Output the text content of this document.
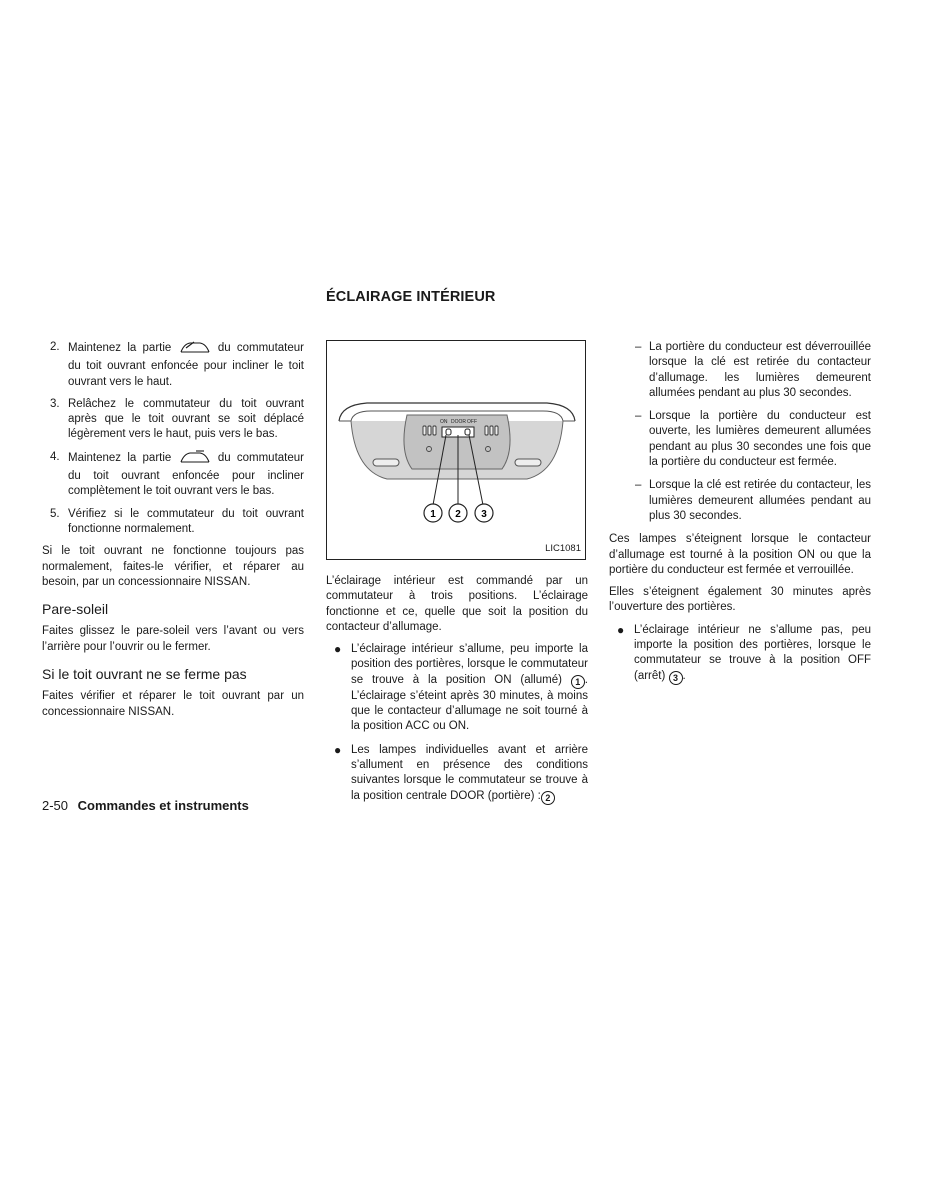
ÉCLAIRAGE INTÉRIEUR
2. Maintenez la partie	du commutateur du toit ouvrant enfoncée pour incliner le toit ouvrant vers le haut.
3. Relâchez le commutateur du toit ouvrant après que le toit ouvrant se soit déplacé légèrement vers le haut, puis vers le bas.
4. Maintenez la partie	du commutateur du toit ouvrant enfoncée pour incliner complètement le toit ouvrant vers le bas.
5. Vérifiez si le commutateur du toit ouvrant fonctionne normalement.

Si le toit ouvrant ne fonctionne toujours pas normalement, faites-le vérifier, et réparer au besoin, par un concessionnaire NISSAN.

Pare-soleil

Faites glissez le pare-soleil vers l’avant ou vers l’arrière pour l’ouvrir ou le fermer.

Si le toit ouvrant ne se ferme pas

Faites vérifier et réparer le toit ouvrant par un concessionnaire NISSAN.

ON DOOR OFF
1 2 3
LIC1081

L’éclairage intérieur est commandé par un commutateur à trois positions. L’éclairage fonctionne et ce, quelle que soit la position du contacteur d’allumage.

● L’éclairage intérieur s’allume, peu importe la position des portières, lorsque le commutateur se trouve à la position ON (allumé) 1 . L’éclairage s’éteint après 30 minutes, à moins que le contacteur d’allumage ne soit tourné à la position ACC ou ON.
● Les lampes individuelles avant et arrière s’allument en présence des conditions suivantes lorsque le commutateur se trouve à la position centrale DOOR (portière) : 2
– La portière du conducteur est déverrouillée lorsque la clé est retirée du contacteur d’allumage. les lumières demeurent allumées pendant au plus 30 secondes.
– Lorsque la portière du conducteur est ouverte, les lumières demeurent allumées pendant au plus 30 secondes une fois que la portière du conducteur est fermée.
– Lorsque la clé est retirée du contacteur, les lumières demeurent allumées pendant au plus 30 secondes.

Ces lampes s’éteignent lorsque le contacteur d’allumage est tourné à la position ON ou que la portière du conducteur est fermée et verrouillée.

Elles s’éteignent également 30 minutes après l’ouverture des portières.

● L’éclairage intérieur ne s’allume pas, peu importe la position des portières, lorsque le commutateur se trouve à la position OFF (arrêt) 3 .
2-50 Commandes et instruments
